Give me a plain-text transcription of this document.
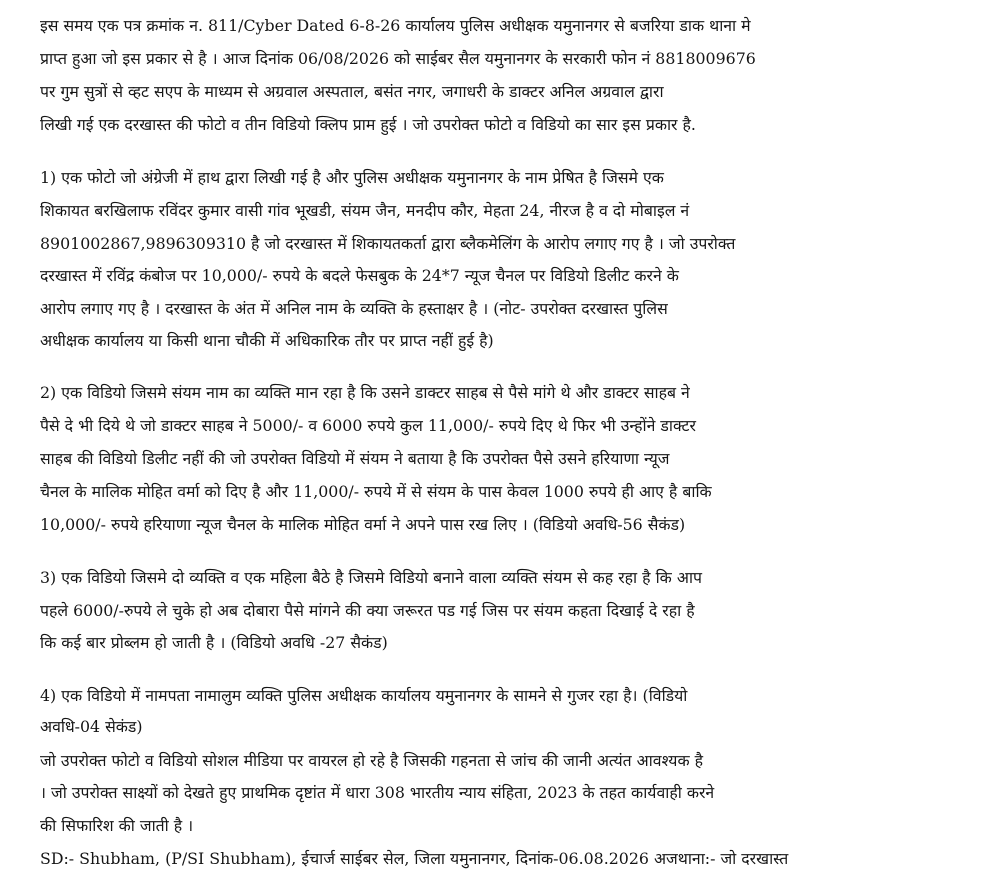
इस समय एक पत्र क्रमांक न. 811/Cyber Dated 6-8-26 कार्यालय पुलिस अधीक्षक यमुनानगर से बजरिया डाक थाना मे

प्राप्त हुआ जो इस प्रकार से है । आज दिनांक 06/08/2026 को साईबर सैल यमुनानगर के सरकारी फोन नं 8818009676

पर गुम सुत्रों से व्हट सएप के माध्यम से अग्रवाल अस्पताल, बसंत नगर, जगाधरी के डाक्टर अनिल अग्रवाल द्वारा

लिखी गई एक दरखास्त की फोटो व तीन विडियो क्लिप प्राम हुई । जो उपरोक्त फोटो व विडियो का सार इस प्रकार है.

1) एक फोटो जो अंग्रेजी में हाथ द्वारा लिखी गई है और पुलिस अधीक्षक यमुनानगर के नाम प्रेषित है जिसमे एक

शिकायत बरखिलाफ रविंदर कुमार वासी गांव भूखडी, संयम जैन, मनदीप कौर, मेहता 24, नीरज है व दो मोबाइल नं

8901002867,9896309310 है जो दरखास्त में शिकायतकर्ता द्वारा ब्लैकमेलिंग के आरोप लगाए गए है । जो उपरोक्त

दरखास्त में रविंद्र कंबोज पर 10,000/- रुपये के बदले फेसबुक के 24*7 न्यूज चैनल पर विडियो डिलीट करने के

आरोप लगाए गए है । दरखास्त के अंत में अनिल नाम के व्यक्ति के हस्ताक्षर है । (नोट- उपरोक्त दरखास्त पुलिस

अधीक्षक कार्यालय या किसी थाना चौकी में अधिकारिक तौर पर प्राप्त नहीं हुई है)

2) एक विडियो जिसमे संयम नाम का व्यक्ति मान रहा है कि उसने डाक्टर साहब से पैसे मांगे थे और डाक्टर साहब ने

पैसे दे भी दिये थे जो डाक्टर साहब ने 5000/- व 6000 रुपये कुल 11,000/- रुपये दिए थे फिर भी उन्होंने डाक्टर

साहब की विडियो डिलीट नहीं की जो उपरोक्त विडियो में संयम ने बताया है कि उपरोक्त पैसे उसने हरियाणा न्यूज

चैनल के मालिक मोहित वर्मा को दिए है और 11,000/- रुपये में से संयम के पास केवल 1000 रुपये ही आए है बाकि

10,000/- रुपये हरियाणा न्यूज चैनल के मालिक मोहित वर्मा ने अपने पास रख लिए । (विडियो अवधि-56 सैकंड)

3) एक विडियो जिसमे दो व्यक्ति व एक महिला बैठे है जिसमे विडियो बनाने वाला व्यक्ति संयम से कह रहा है कि आप

पहले 6000/-रुपये ले चुके हो अब दोबारा पैसे मांगने की क्या जरूरत पड गई जिस पर संयम कहता दिखाई दे रहा है

कि कई बार प्रोब्लम हो जाती है । (विडियो अवधि -27 सैकंड)

4) एक विडियो में नामपता नामालुम व्यक्ति पुलिस अधीक्षक कार्यालय यमुनानगर के सामने से गुजर रहा है। (विडियो

अवधि-04 सेकंड)

जो उपरोक्त फोटो व विडियो सोशल मीडिया पर वायरल हो रहे है जिसकी गहनता से जांच की जानी अत्यंत आवश्यक है

। जो उपरोक्त साक्ष्यों को देखते हुए प्राथमिक दृष्टांत में धारा 308 भारतीय न्याय संहिता, 2023 के तहत कार्यवाही करने

की सिफारिश की जाती है ।

SD:- Shubham, (P/SI Shubham), ईचार्ज साईबर सेल, जिला यमुनानगर, दिनांक-06.08.2026 अजथाना:- जो दरखास्त
